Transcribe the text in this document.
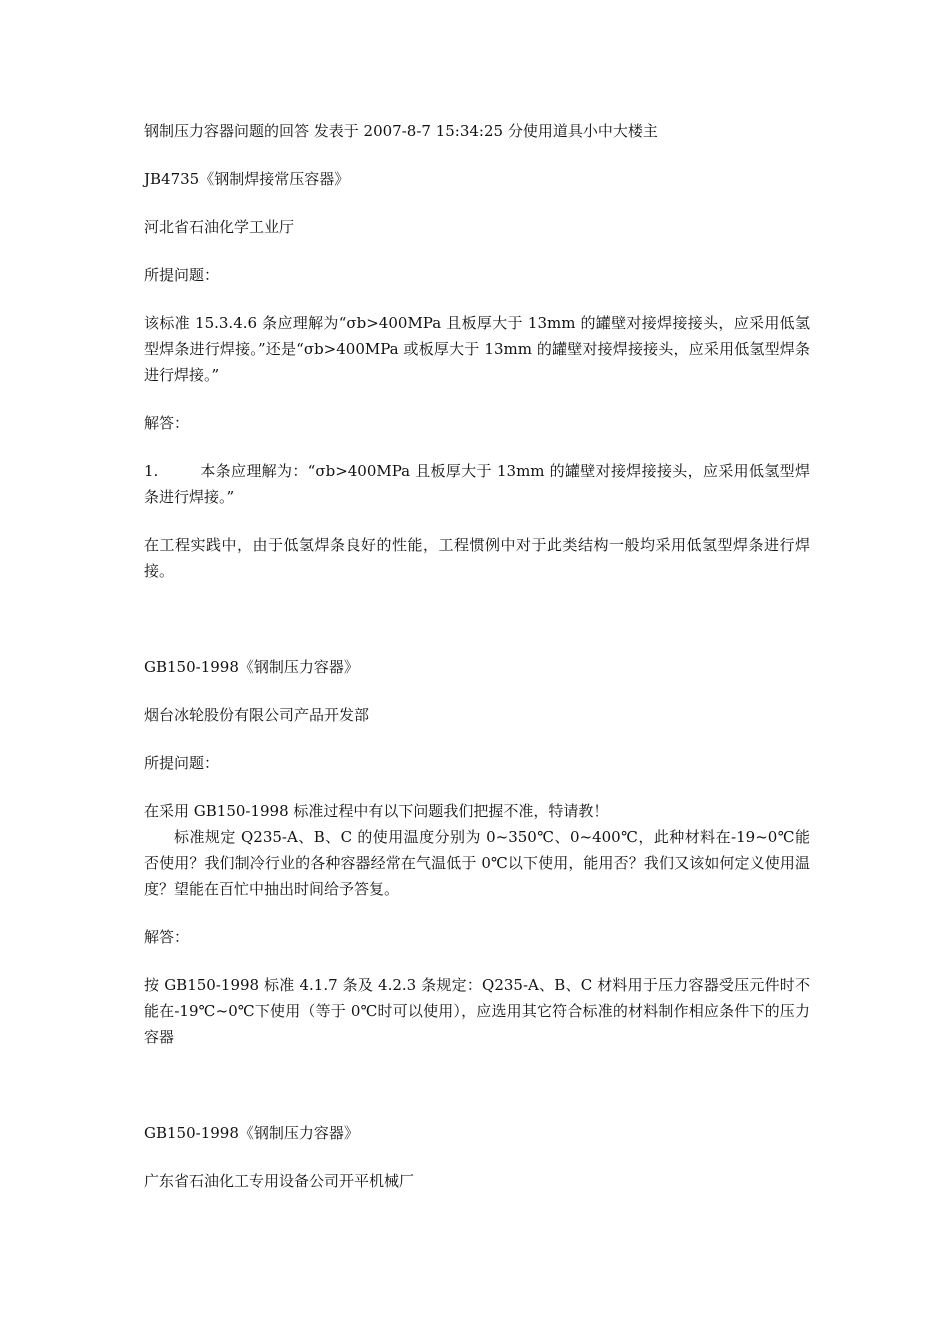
钢制压力容器问题的回答 发表于 2007-8-7 15:34:25 分使用道具小中大楼主

JB4735《钢制焊接常压容器》

河北省石油化学工业厅

所提问题：

该标准 15.3.4.6 条应理解为“σb>400MPa 且板厚大于 13mm 的罐壁对接焊接接头，应采用低氢型焊条进行焊接。”还是“σb>400MPa 或板厚大于 13mm 的罐壁对接焊接接头，应采用低氢型焊条进行焊接。”

解答：

1.	本条应理解为：“σb>400MPa 且板厚大于 13mm 的罐壁对接焊接接头，应采用低氢型焊条进行焊接。”

在工程实践中，由于低氢焊条良好的性能，工程惯例中对于此类结构一般均采用低氢型焊条进行焊接。

GB150-1998《钢制压力容器》

烟台冰轮股份有限公司产品开发部

所提问题：

在采用 GB150-1998 标准过程中有以下问题我们把握不准，特请教！

标准规定 Q235-A、B、C 的使用温度分别为 0~350℃、0~400℃，此种材料在-19~0℃能否使用？我们制冷行业的各种容器经常在气温低于 0℃以下使用，能用否？我们又该如何定义使用温度？望能在百忙中抽出时间给予答复。

解答：

按 GB150-1998 标准 4.1.7 条及 4.2.3 条规定：Q235-A、B、C 材料用于压力容器受压元件时不能在-19℃~0℃下使用（等于 0℃时可以使用），应选用其它符合标准的材料制作相应条件下的压力容器

GB150-1998《钢制压力容器》

广东省石油化工专用设备公司开平机械厂
